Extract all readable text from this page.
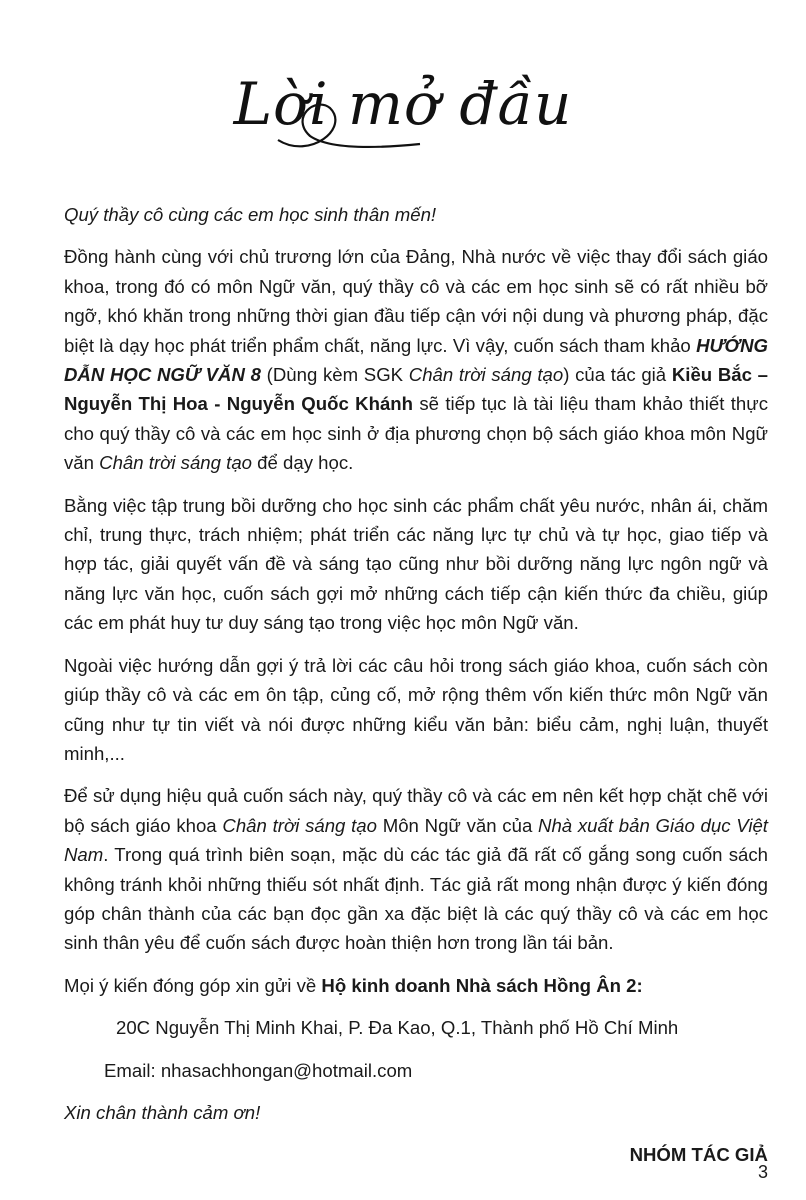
Lời mở đầu

Quý thầy cô cùng các em học sinh thân mến!

Đồng hành cùng với chủ trương lớn của Đảng, Nhà nước về việc thay đổi sách giáo khoa, trong đó có môn Ngữ văn, quý thầy cô và các em học sinh sẽ có rất nhiều bỡ ngỡ, khó khăn trong những thời gian đầu tiếp cận với nội dung và phương pháp, đặc biệt là dạy học phát triển phẩm chất, năng lực. Vì vậy, cuốn sách tham khảo HƯỚNG DẪN HỌC NGỮ VĂN 8 (Dùng kèm SGK Chân trời sáng tạo) của tác giả Kiều Bắc – Nguyễn Thị Hoa - Nguyễn Quốc Khánh sẽ tiếp tục là tài liệu tham khảo thiết thực cho quý thầy cô và các em học sinh ở địa phương chọn bộ sách giáo khoa môn Ngữ văn Chân trời sáng tạo để dạy học.

Bằng việc tập trung bồi dưỡng cho học sinh các phẩm chất yêu nước, nhân ái, chăm chỉ, trung thực, trách nhiệm; phát triển các năng lực tự chủ và tự học, giao tiếp và hợp tác, giải quyết vấn đề và sáng tạo cũng như bồi dưỡng năng lực ngôn ngữ và năng lực văn học, cuốn sách gợi mở những cách tiếp cận kiến thức đa chiều, giúp các em phát huy tư duy sáng tạo trong việc học môn Ngữ văn.

Ngoài việc hướng dẫn gợi ý trả lời các câu hỏi trong sách giáo khoa, cuốn sách còn giúp thầy cô và các em ôn tập, củng cố, mở rộng thêm vốn kiến thức môn Ngữ văn cũng như tự tin viết và nói được những kiểu văn bản: biểu cảm, nghị luận, thuyết minh,...

Để sử dụng hiệu quả cuốn sách này, quý thầy cô và các em nên kết hợp chặt chẽ với bộ sách giáo khoa Chân trời sáng tạo Môn Ngữ văn của Nhà xuất bản Giáo dục Việt Nam. Trong quá trình biên soạn, mặc dù các tác giả đã rất cố gắng song cuốn sách không tránh khỏi những thiếu sót nhất định. Tác giả rất mong nhận được ý kiến đóng góp chân thành của các bạn đọc gần xa đặc biệt là các quý thầy cô và các em học sinh thân yêu để cuốn sách được hoàn thiện hơn trong lần tái bản.

Mọi ý kiến đóng góp xin gửi về Hộ kinh doanh Nhà sách Hồng Ân 2:

20C Nguyễn Thị Minh Khai, P. Đa Kao, Q.1, Thành phố Hồ Chí Minh

Email: nhasachhongan@hotmail.com

Xin chân thành cảm ơn!

NHÓM TÁC GIẢ

3
